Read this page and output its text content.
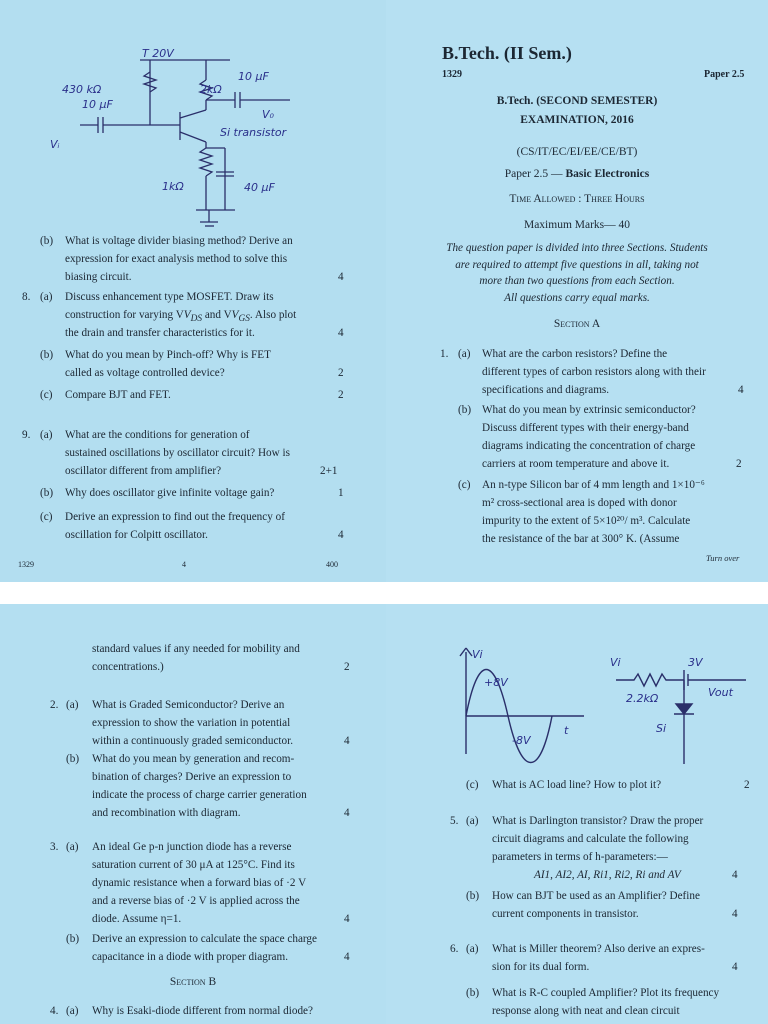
T 20V
430 kΩ	2kΩ
10 μF
10 μF
V₀
Vᵢ
Si transistor
1kΩ	40 μF
(b) What is voltage divider biasing method? Derive an
expression for exact analysis method to solve this
biasing circuit.	4
8. (a) Discuss enhancement type MOSFET. Draw its
construction for varying $VV_{DS}$ and $VV_{GS}$. Also plot
the drain and transfer characteristics for it.	4
(b) What do you mean by Pinch-off? Why is FET
called as voltage controlled device?	2
(c) Compare BJT and FET.	2
9. (a) What are the conditions for generation of
sustained oscillations by oscillator circuit? How is
oscillator different from amplifier?	2+1
(b) Why does oscillator give infinite voltage gain?	1
(c) Derive an expression to find out the frequency of
oscillation for Colpitt oscillator.	4
1329	4	400
B.Tech. (II Sem.)
1329	Paper 2.5
B.Tech. (SECOND SEMESTER)
EXAMINATION, 2016
(CS/IT/EC/EI/EE/CE/BT)
Paper 2.5 — Basic Electronics
Time Allowed : Three Hours
Maximum Marks— 40
The question paper is divided into three Sections. Students
are required to attempt five questions in all, taking not
more than two questions from each Section.
All questions carry equal marks.
Section A
1. (a) What are the carbon resistors? Define the
different types of carbon resistors along with their
specifications and diagrams.	4
(b) What do you mean by extrinsic semiconductor?
Discuss different types with their energy-band
diagrams indicating the concentration of charge
carriers at room temperature and above it.	2
(c) An n-type Silicon bar of 4 mm length and 1×10⁻⁶
m² cross-sectional area is doped with donor
impurity to the extent of 5×10²⁰/ m³. Calculate
the resistance of the bar at 300° K. (Assume
Turn over
standard values if any needed for mobility and
concentrations.)	2
2. (a) What is Graded Semiconductor? Derive an
expression to show the variation in potential
within a continuously graded semiconductor.	4
(b) What do you mean by generation and recom-
bination of charges? Derive an expression to
indicate the process of charge carrier generation
and recombination with diagram.	4
3. (a) An ideal Ge p-n junction diode has a reverse
saturation current of 30 μA at 125°C. Find its
dynamic resistance when a forward bias of ·2 V
and a reverse bias of ·2 V is applied across the
diode. Assume η=1.	4
(b) Derive an expression to calculate the space charge
capacitance in a diode with proper diagram.	4
Section B
4. (a) Why is Esaki-diode different from normal diode?
Vi
+8V
-8V
t
Vi	3V
2.2kΩ	Vout
Si
(c) What is AC load line? How to plot it?	2
5. (a) What is Darlington transistor? Draw the proper
circuit diagrams and calculate the following
parameters in terms of h-parameters:—
AI1, AI2, AI, Ri1, Ri2, Ri and AV	4
(b) How can BJT be used as an Amplifier? Define
current components in transistor.	4
6. (a) What is Miller theorem? Also derive an expres-
sion for its dual form.	4
(b) What is R-C coupled Amplifier? Plot its frequency
response along with neat and clean circuit
